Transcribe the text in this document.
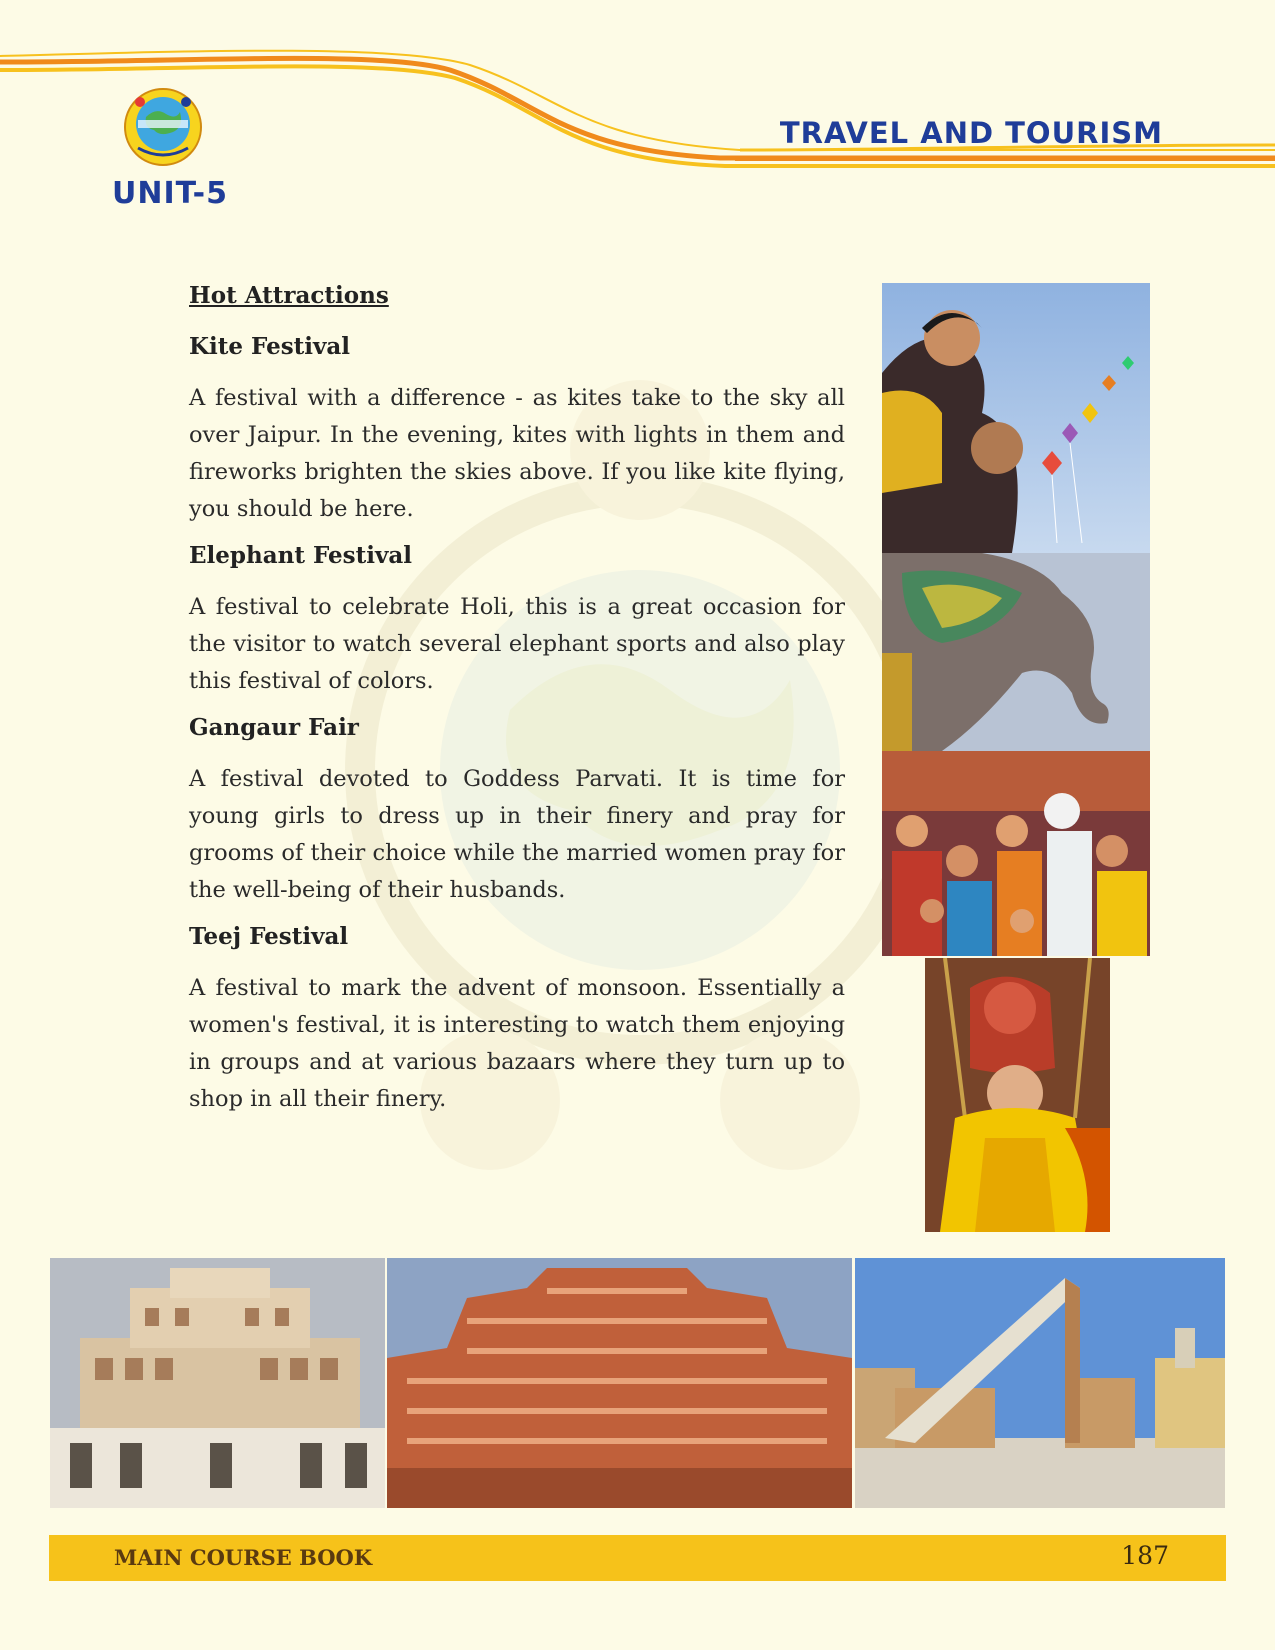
UNIT-5
TRAVEL AND TOURISM
Hot Attractions
Kite Festival

A festival with a difference - as kites take to the sky all over Jaipur. In the evening, kites with lights in them and fireworks brighten the skies above. If you like kite flying, you should be here.

Elephant Festival

A festival to celebrate Holi, this is a great occasion for the visitor to watch several elephant sports and also play this festival of colors.

Gangaur Fair

A festival devoted to Goddess Parvati. It is time for young girls to dress up in their finery and pray for grooms of their choice while the married women pray for the well-being of their husbands.

Teej Festival

A festival to mark the advent of monsoon. Essentially a women's festival, it is interesting to watch them enjoying in groups and at various bazaars where they turn up to shop in all their finery.

MAIN COURSE BOOK	187
